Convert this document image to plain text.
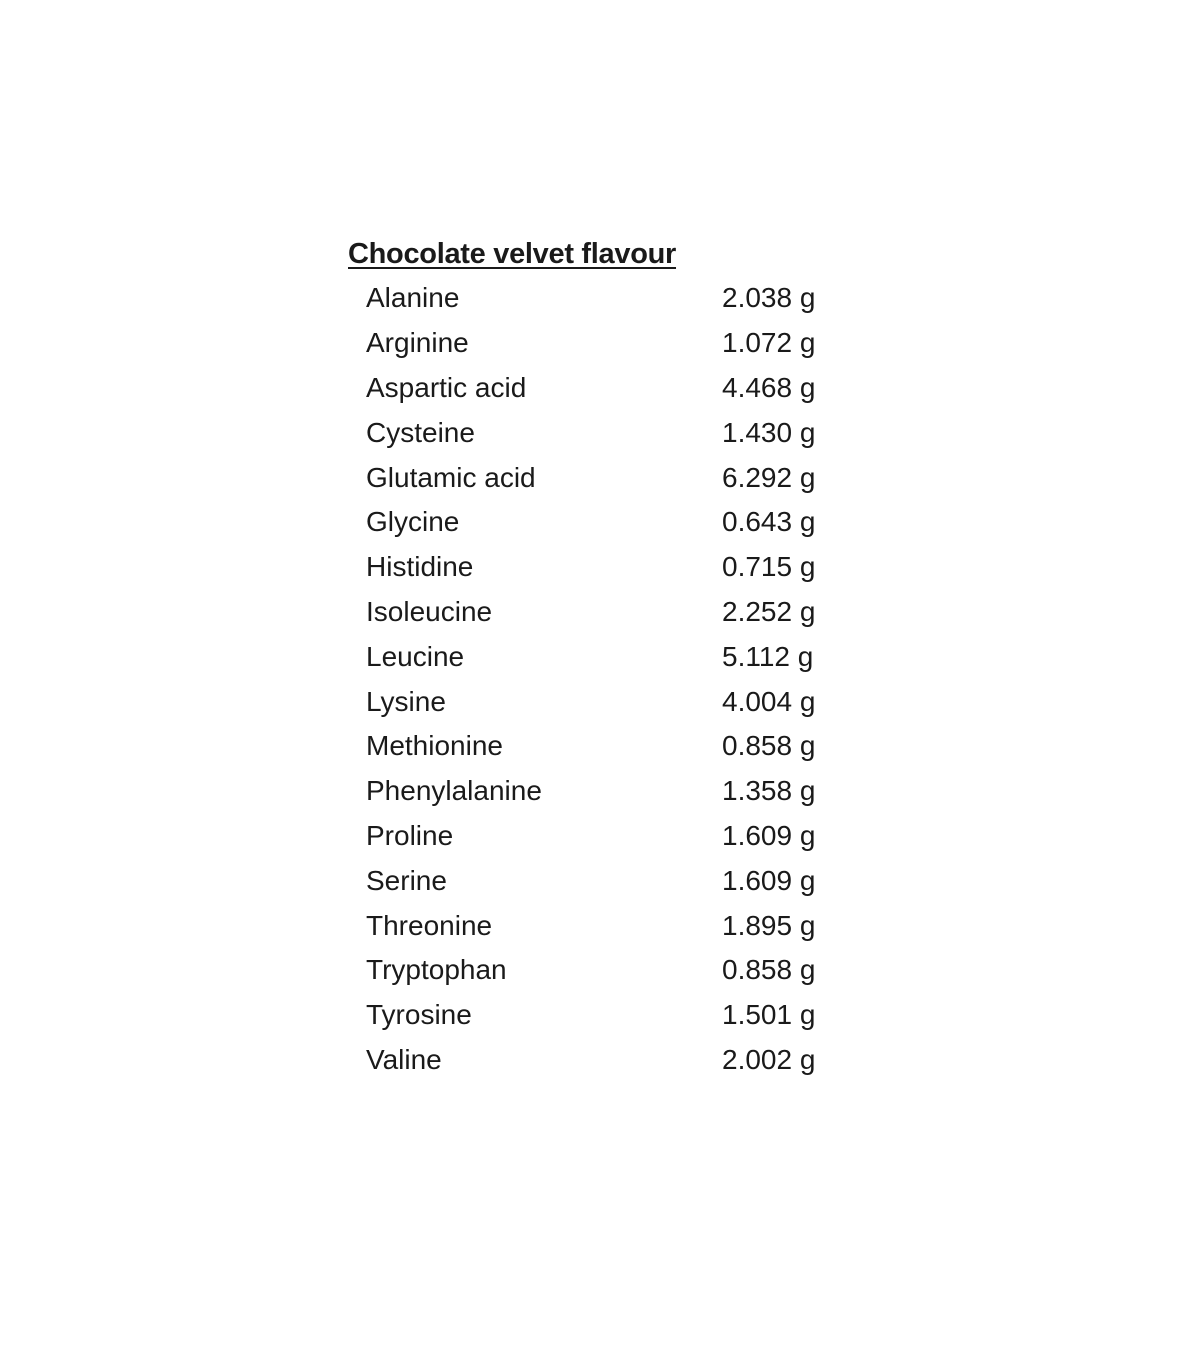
Chocolate velvet flavour
Alanine	2.038 g
Arginine	1.072 g
Aspartic acid	4.468 g
Cysteine	1.430 g
Glutamic acid	6.292 g
Glycine	0.643 g
Histidine	0.715 g
Isoleucine	2.252 g
Leucine	5.112 g
Lysine	4.004 g
Methionine	0.858 g
Phenylalanine	1.358 g
Proline	1.609 g
Serine	1.609 g
Threonine	1.895 g
Tryptophan	0.858 g
Tyrosine	1.501 g
Valine	2.002 g
